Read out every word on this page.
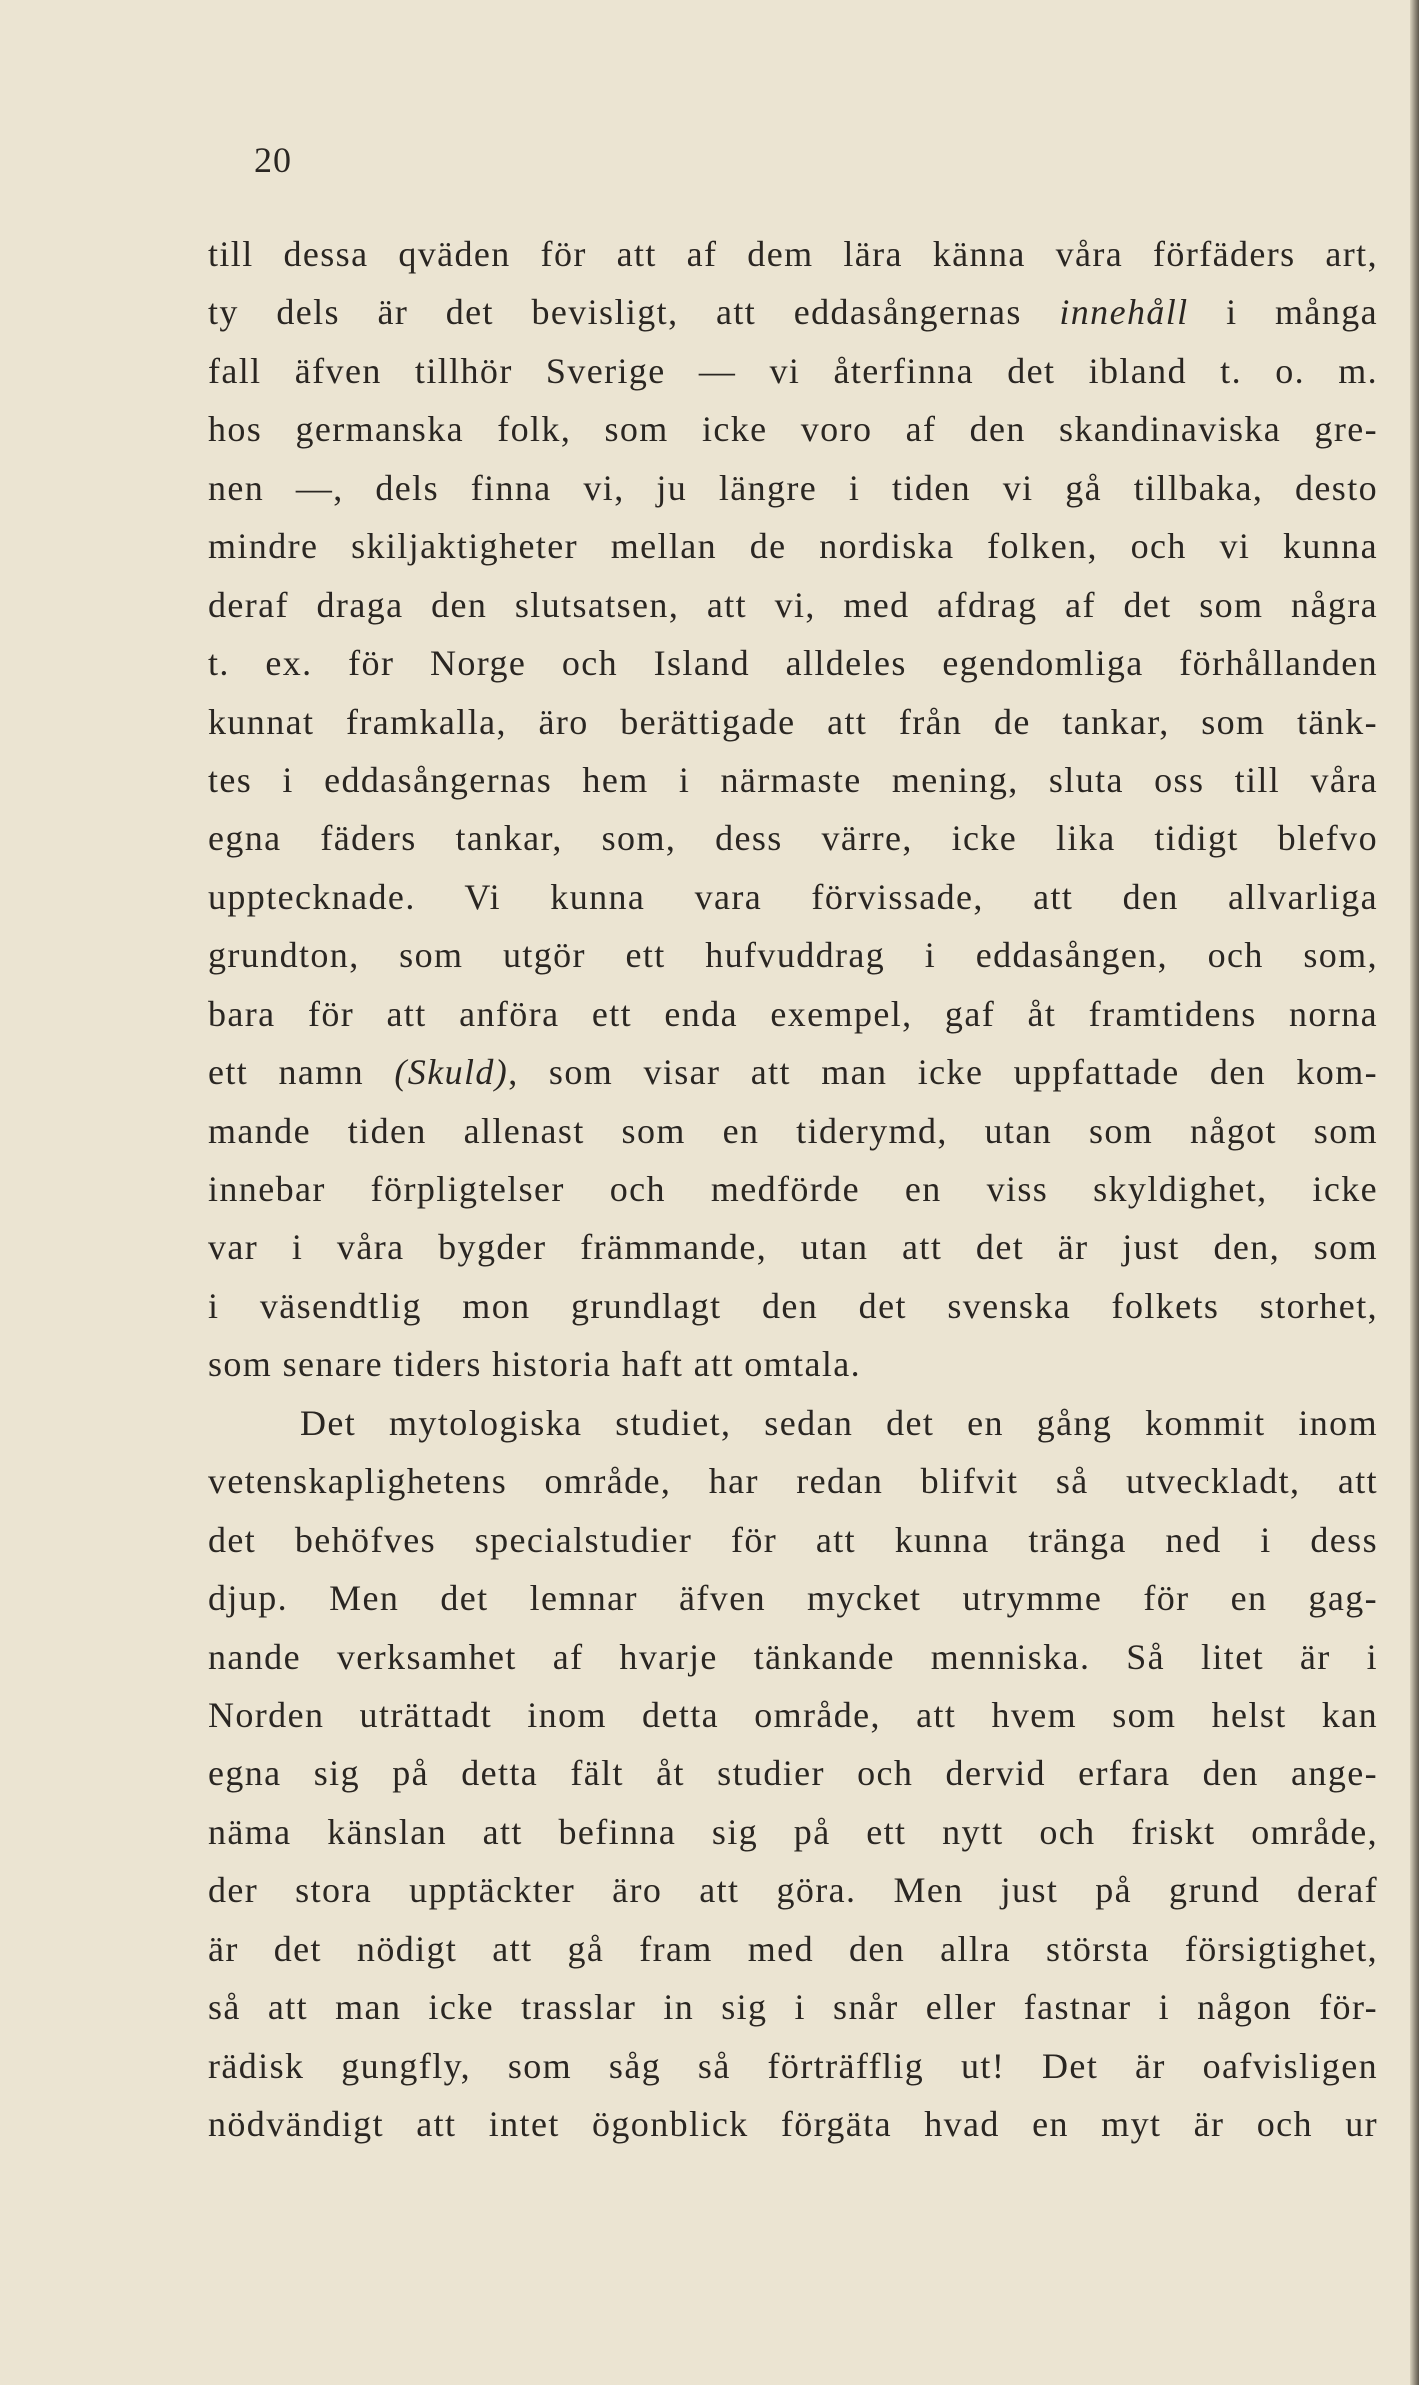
20
till dessa qväden för att af dem lära känna våra förfäders art,
ty dels är det bevisligt, att eddasångernas innehåll i många
fall äfven tillhör Sverige — vi återfinna det ibland t. o. m.
hos germanska folk, som icke voro af den skandinaviska gre-
nen —, dels finna vi, ju längre i tiden vi gå tillbaka, desto
mindre skiljaktigheter mellan de nordiska folken, och vi kunna
deraf draga den slutsatsen, att vi, med afdrag af det som några
t. ex. för Norge och Island alldeles egendomliga förhållanden
kunnat framkalla, äro berättigade att från de tankar, som tänk-
tes i eddasångernas hem i närmaste mening, sluta oss till våra
egna fäders tankar, som, dess värre, icke lika tidigt blefvo
upptecknade. Vi kunna vara förvissade, att den allvarliga
grundton, som utgör ett hufvuddrag i eddasången, och som,
bara för att anföra ett enda exempel, gaf åt framtidens norna
ett namn (Skuld), som visar att man icke uppfattade den kom-
mande tiden allenast som en tiderymd, utan som något som
innebar förpligtelser och medförde en viss skyldighet, icke
var i våra bygder främmande, utan att det är just den, som
i väsendtlig mon grundlagt den det svenska folkets storhet,
som senare tiders historia haft att omtala.
Det mytologiska studiet, sedan det en gång kommit inom
vetenskaplighetens område, har redan blifvit så utveckladt, att
det behöfves specialstudier för att kunna tränga ned i dess
djup. Men det lemnar äfven mycket utrymme för en gag-
nande verksamhet af hvarje tänkande menniska. Så litet är i
Norden uträttadt inom detta område, att hvem som helst kan
egna sig på detta fält åt studier och dervid erfara den ange-
näma känslan att befinna sig på ett nytt och friskt område,
der stora upptäckter äro att göra. Men just på grund deraf
är det nödigt att gå fram med den allra största försigtighet,
så att man icke trasslar in sig i snår eller fastnar i någon för-
rädisk gungfly, som såg så förträfflig ut! Det är oafvisligen
nödvändigt att intet ögonblick förgäta hvad en myt är och ur
